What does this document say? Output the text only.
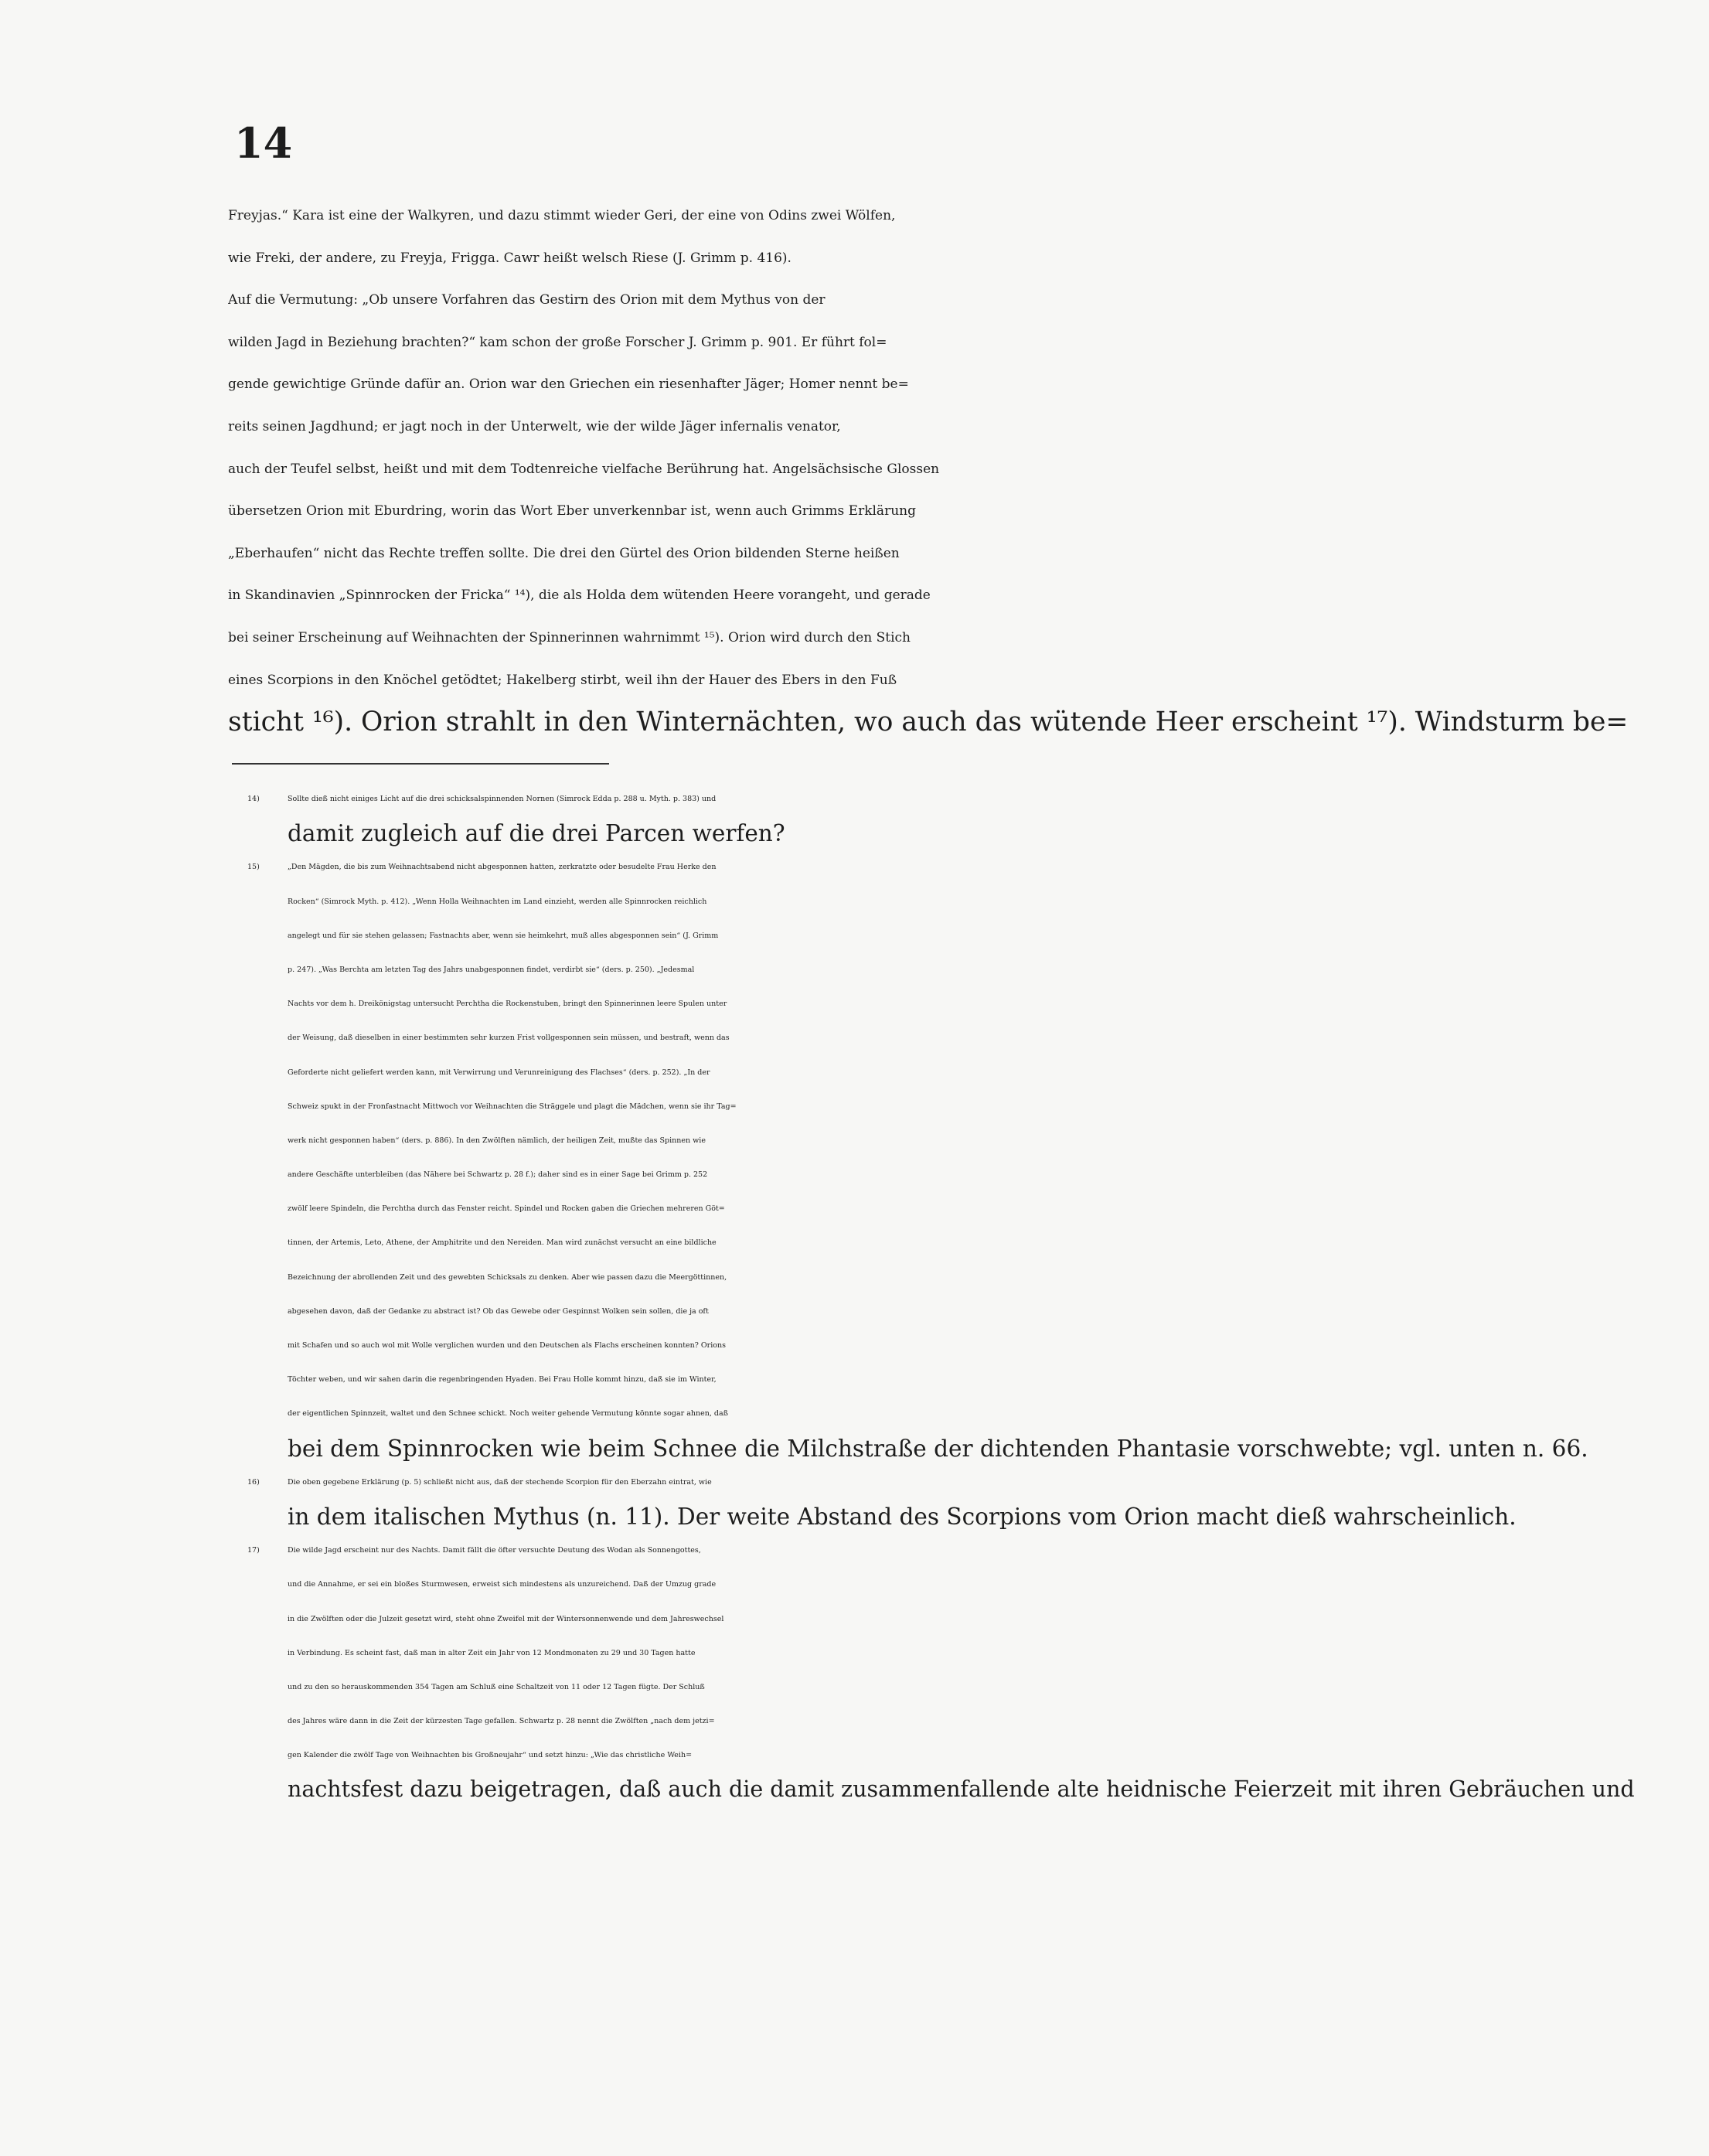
14
Freyjas.“ Kara ist eine der Walkyren, und dazu stimmt wieder Geri, der eine von Odins zwei Wölfen,
wie Freki, der andere, zu Freyja, Frigga. Cawr heißt welsch Riese (J. Grimm p. 416).
Auf die Vermutung: „Ob unsere Vorfahren das Gestirn des Orion mit dem Mythus von der
wilden Jagd in Beziehung brachten?“ kam schon der große Forscher J. Grimm p. 901. Er führt fol=
gende gewichtige Gründe dafür an. Orion war den Griechen ein riesenhafter Jäger; Homer nennt be=
reits seinen Jagdhund; er jagt noch in der Unterwelt, wie der wilde Jäger infernalis venator,
auch der Teufel selbst, heißt und mit dem Todtenreiche vielfache Berührung hat. Angelsächsische Glossen
übersetzen Orion mit Eburdring, worin das Wort Eber unverkennbar ist, wenn auch Grimms Erklärung
„Eberhaufen“ nicht das Rechte treffen sollte. Die drei den Gürtel des Orion bildenden Sterne heißen
in Skandinavien „Spinnrocken der Fricka“ ¹⁴), die als Holda dem wütenden Heere vorangeht, und gerade
bei seiner Erscheinung auf Weihnachten der Spinnerinnen wahrnimmt ¹⁵). Orion wird durch den Stich
eines Scorpions in den Knöchel getödtet; Hakelberg stirbt, weil ihn der Hauer des Ebers in den Fuß
sticht ¹⁶). Orion strahlt in den Winternächten, wo auch das wütende Heer erscheint ¹⁷). Windsturm be=
14)	Sollte dieß nicht einiges Licht auf die drei schicksalspinnenden Nornen (Simrock Edda p. 288 u. Myth. p. 383) und
damit zugleich auf die drei Parcen werfen?
15)	„Den Mägden, die bis zum Weihnachtsabend nicht abgesponnen hatten, zerkratzte oder besudelte Frau Herke den
Rocken“ (Simrock Myth. p. 412). „Wenn Holla Weihnachten im Land einzieht, werden alle Spinnrocken reichlich
angelegt und für sie stehen gelassen; Fastnachts aber, wenn sie heimkehrt, muß alles abgesponnen sein“ (J. Grimm
p. 247). „Was Berchta am letzten Tag des Jahrs unabgesponnen findet, verdirbt sie“ (ders. p. 250). „Jedesmal
Nachts vor dem h. Dreikönigstag untersucht Perchtha die Rockenstuben, bringt den Spinnerinnen leere Spulen unter
der Weisung, daß dieselben in einer bestimmten sehr kurzen Frist vollgesponnen sein müssen, und bestraft, wenn das
Geforderte nicht geliefert werden kann, mit Verwirrung und Verunreinigung des Flachses“ (ders. p. 252). „In der
Schweiz spukt in der Fronfastnacht Mittwoch vor Weihnachten die Sträggele und plagt die Mädchen, wenn sie ihr Tag=
werk nicht gesponnen haben“ (ders. p. 886). In den Zwölften nämlich, der heiligen Zeit, mußte das Spinnen wie
andere Geschäfte unterbleiben (das Nähere bei Schwartz p. 28 f.); daher sind es in einer Sage bei Grimm p. 252
zwölf leere Spindeln, die Perchtha durch das Fenster reicht. Spindel und Rocken gaben die Griechen mehreren Göt=
tinnen, der Artemis, Leto, Athene, der Amphitrite und den Nereiden. Man wird zunächst versucht an eine bildliche
Bezeichnung der abrollenden Zeit und des gewebten Schicksals zu denken. Aber wie passen dazu die Meergöttinnen,
abgesehen davon, daß der Gedanke zu abstract ist? Ob das Gewebe oder Gespinnst Wolken sein sollen, die ja oft
mit Schafen und so auch wol mit Wolle verglichen wurden und den Deutschen als Flachs erscheinen konnten? Orions
Töchter weben, und wir sahen darin die regenbringenden Hyaden. Bei Frau Holle kommt hinzu, daß sie im Winter,
der eigentlichen Spinnzeit, waltet und den Schnee schickt. Noch weiter gehende Vermutung könnte sogar ahnen, daß
bei dem Spinnrocken wie beim Schnee die Milchstraße der dichtenden Phantasie vorschwebte; vgl. unten n. 66.
16)	Die oben gegebene Erklärung (p. 5) schließt nicht aus, daß der stechende Scorpion für den Eberzahn eintrat, wie
in dem italischen Mythus (n. 11). Der weite Abstand des Scorpions vom Orion macht dieß wahrscheinlich.
17)	Die wilde Jagd erscheint nur des Nachts. Damit fällt die öfter versuchte Deutung des Wodan als Sonnengottes,
und die Annahme, er sei ein bloßes Sturmwesen, erweist sich mindestens als unzureichend. Daß der Umzug grade
in die Zwölften oder die Julzeit gesetzt wird, steht ohne Zweifel mit der Wintersonnenwende und dem Jahreswechsel
in Verbindung. Es scheint fast, daß man in alter Zeit ein Jahr von 12 Mondmonaten zu 29 und 30 Tagen hatte
und zu den so herauskommenden 354 Tagen am Schluß eine Schaltzeit von 11 oder 12 Tagen fügte. Der Schluß
des Jahres wäre dann in die Zeit der kürzesten Tage gefallen. Schwartz p. 28 nennt die Zwölften „nach dem jetzi=
gen Kalender die zwölf Tage von Weihnachten bis Großneujahr“ und setzt hinzu: „Wie das christliche Weih=
nachtsfest dazu beigetragen, daß auch die damit zusammenfallende alte heidnische Feierzeit mit ihren Gebräuchen und
